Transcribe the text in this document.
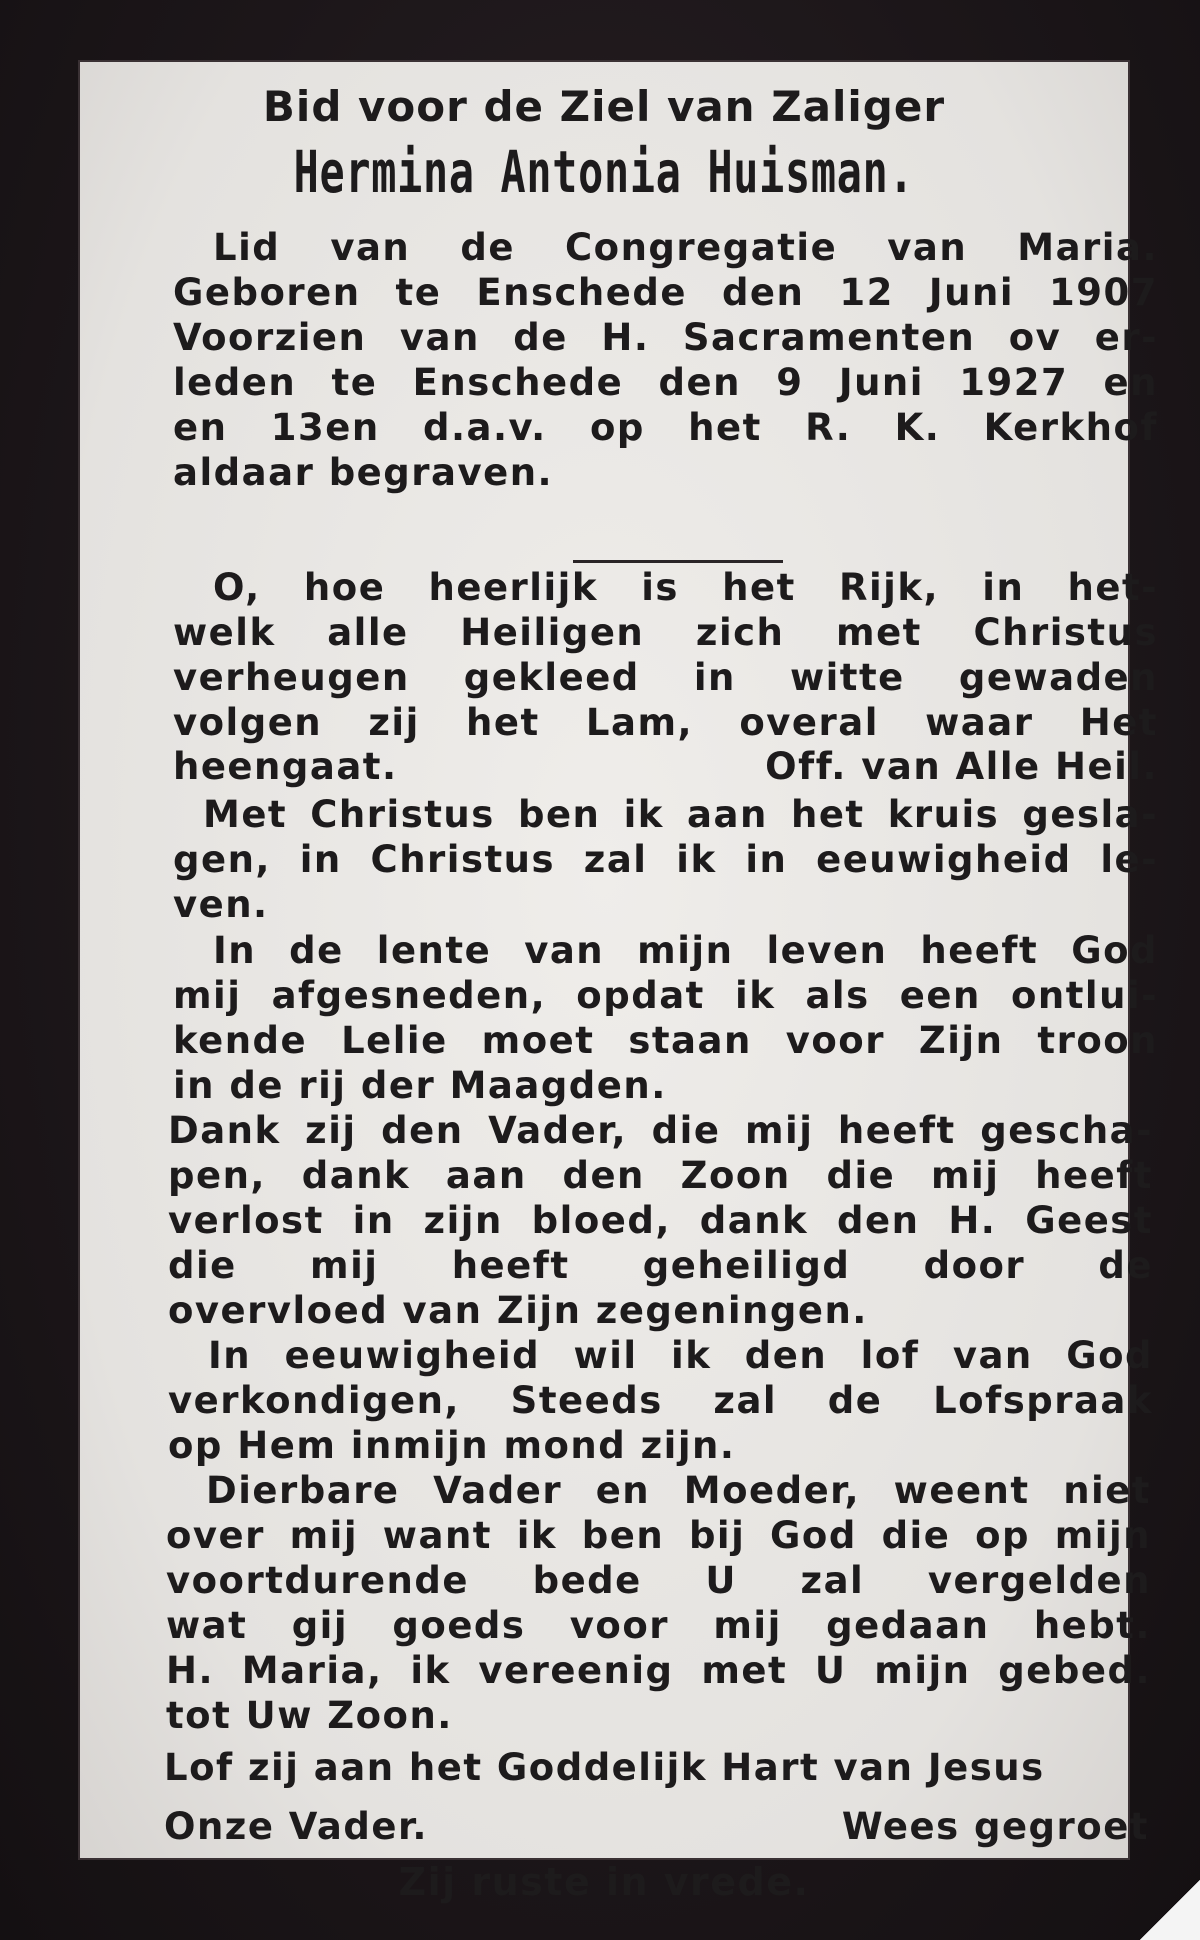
Bid voor de Ziel van Zaliger
Hermina Antonia Huisman.
Lid van de Congregatie van Maria.
Geboren te Enschede den 12 Juni 1907
Voorzien van de H. Sacramenten ov er-
leden te Enschede den 9 Juni 1927 en
en 13en d.a.v. op het R. K. Kerkhof
aldaar begraven.
O, hoe heerlijk is het Rijk, in het-
welk alle Heiligen zich met Christus
verheugen gekleed in witte gewaden
volgen zij het Lam, overal waar Het
heengaat.	Off. van Alle Heil.
Met Christus ben ik aan het kruis gesla-
gen, in Christus zal ik in eeuwigheid le-
ven.
In de lente van mijn leven heeft God
mij afgesneden, opdat ik als een ontlui-
kende Lelie moet staan voor Zijn troon
in de rij der Maagden.
Dank zij den Vader, die mij heeft gescha-
pen, dank aan den Zoon die mij heeft
verlost in zijn bloed, dank den H. Geest
die mij heeft geheiligd door de
overvloed van Zijn zegeningen.
In eeuwigheid wil ik den lof van God
verkondigen, Steeds zal de Lofspraak
op Hem inmijn mond zijn.
Dierbare Vader en Moeder, weent niet
over mij want ik ben bij God die op mijn
voortdurende bede U zal vergelden
wat gij goeds voor mij gedaan hebt.
H. Maria, ik vereenig met U mijn gebed.
tot Uw Zoon.
Lof zij aan het Goddelijk Hart van Jesus
Onze Vader.	Wees gegroet
Zij ruste in vrede.
